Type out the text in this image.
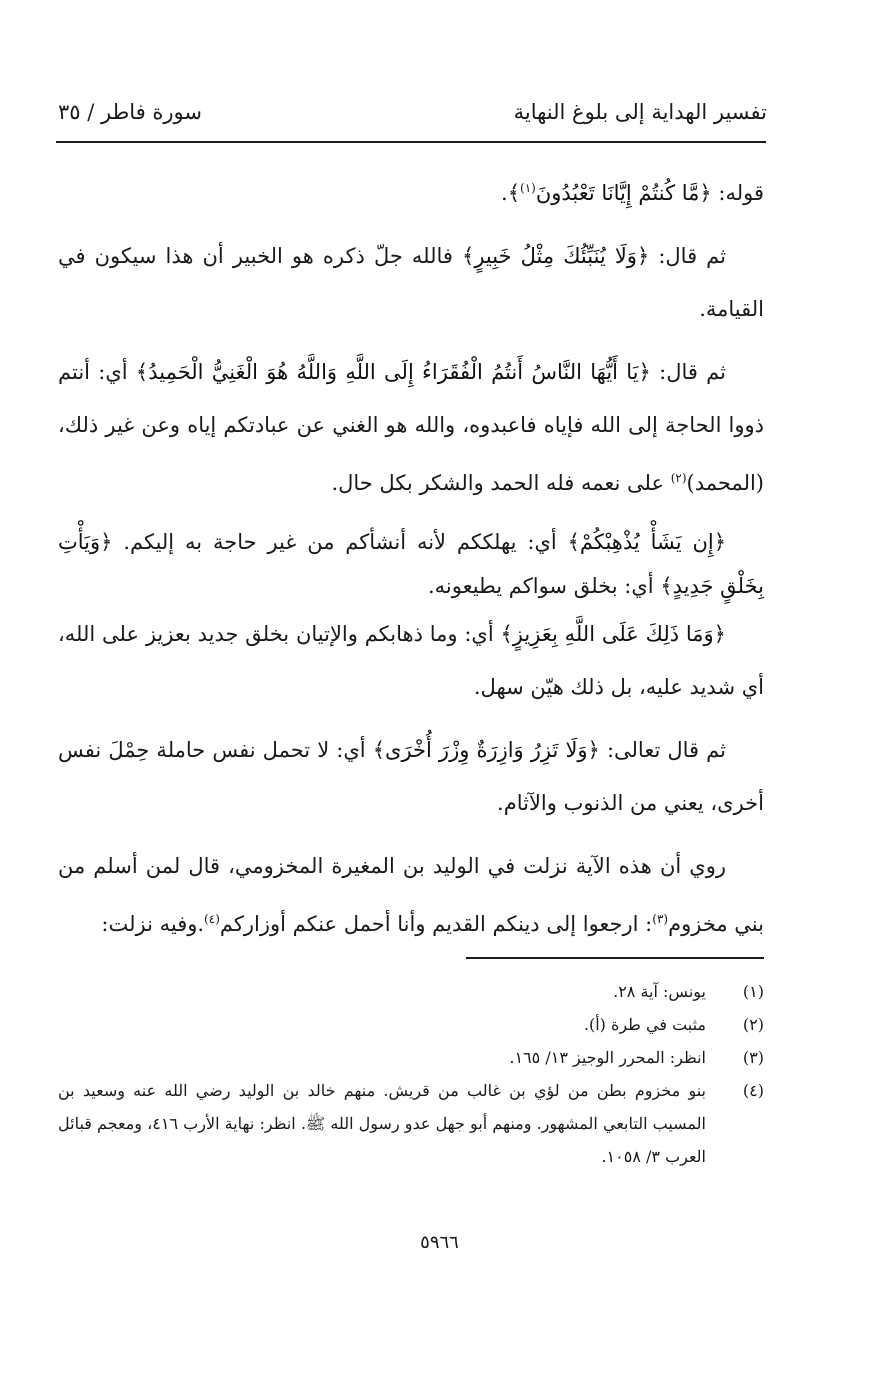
تفسير الهداية إلى بلوغ النهاية
سورة فاطر / ٣٥

قوله: ﴿مَّا كُنتُمْ إِيَّانَا تَعْبُدُونَ$^{(١)}$﴾.

ثم قال: ﴿وَلَا يُنَبِّئُكَ مِثْلُ خَبِيرٍ﴾ فالله جلّ ذكره هو الخبير أن هذا سيكون في القيامة.

ثم قال: ﴿يَا أَيُّهَا النَّاسُ أَنتُمُ الْفُقَرَاءُ إِلَى اللَّهِ وَاللَّهُ هُوَ الْغَنِيُّ الْحَمِيدُ﴾ أي: أنتم ذووا الحاجة إلى الله فإياه فاعبدوه، والله هو الغني عن عبادتكم إياه وعن غير ذلك، (المحمد)$^{(٢)}$ على نعمه فله الحمد والشكر بكل حال.

﴿إِن يَشَأْ يُذْهِبْكُمْ﴾ أي: يهلككم لأنه أنشأكم من غير حاجة به إليكم. ﴿وَيَأْتِ بِخَلْقٍ جَدِيدٍ﴾ أي: بخلق سواكم يطيعونه.

﴿وَمَا ذَلِكَ عَلَى اللَّهِ بِعَزِيزٍ﴾ أي: وما ذهابكم والإتيان بخلق جديد بعزيز على الله، أي شديد عليه، بل ذلك هيّن سهل.

ثم قال تعالى: ﴿وَلَا تَزِرُ وَازِرَةٌ وِزْرَ أُخْرَى﴾ أي: لا تحمل نفس حاملة حِمْلَ نفس أخرى، يعني من الذنوب والآثام.

روي أن هذه الآية نزلت في الوليد بن المغيرة المخزومي، قال لمن أسلم من بني مخزوم$^{(٣)}$: ارجعوا إلى دينكم القديم وأنا أحمل عنكم أوزاركم$^{(٤)}$.وفيه نزلت:

(١)
يونس: آية ٢٨.
(٢)
مثبت في طرة (أ).
(٣)
انظر: المحرر الوجيز ١٣/ ١٦٥.
(٤)
بنو مخزوم بطن من لؤي بن غالب من قريش. منهم خالد بن الوليد رضي الله عنه وسعيد بن المسيب التابعي المشهور. ومنهم أبو جهل عدو رسول الله ﷺ. انظر: نهاية الأرب ٤١٦، ومعجم قبائل العرب ٣/ ١٠٥٨.
٥٩٦٦
